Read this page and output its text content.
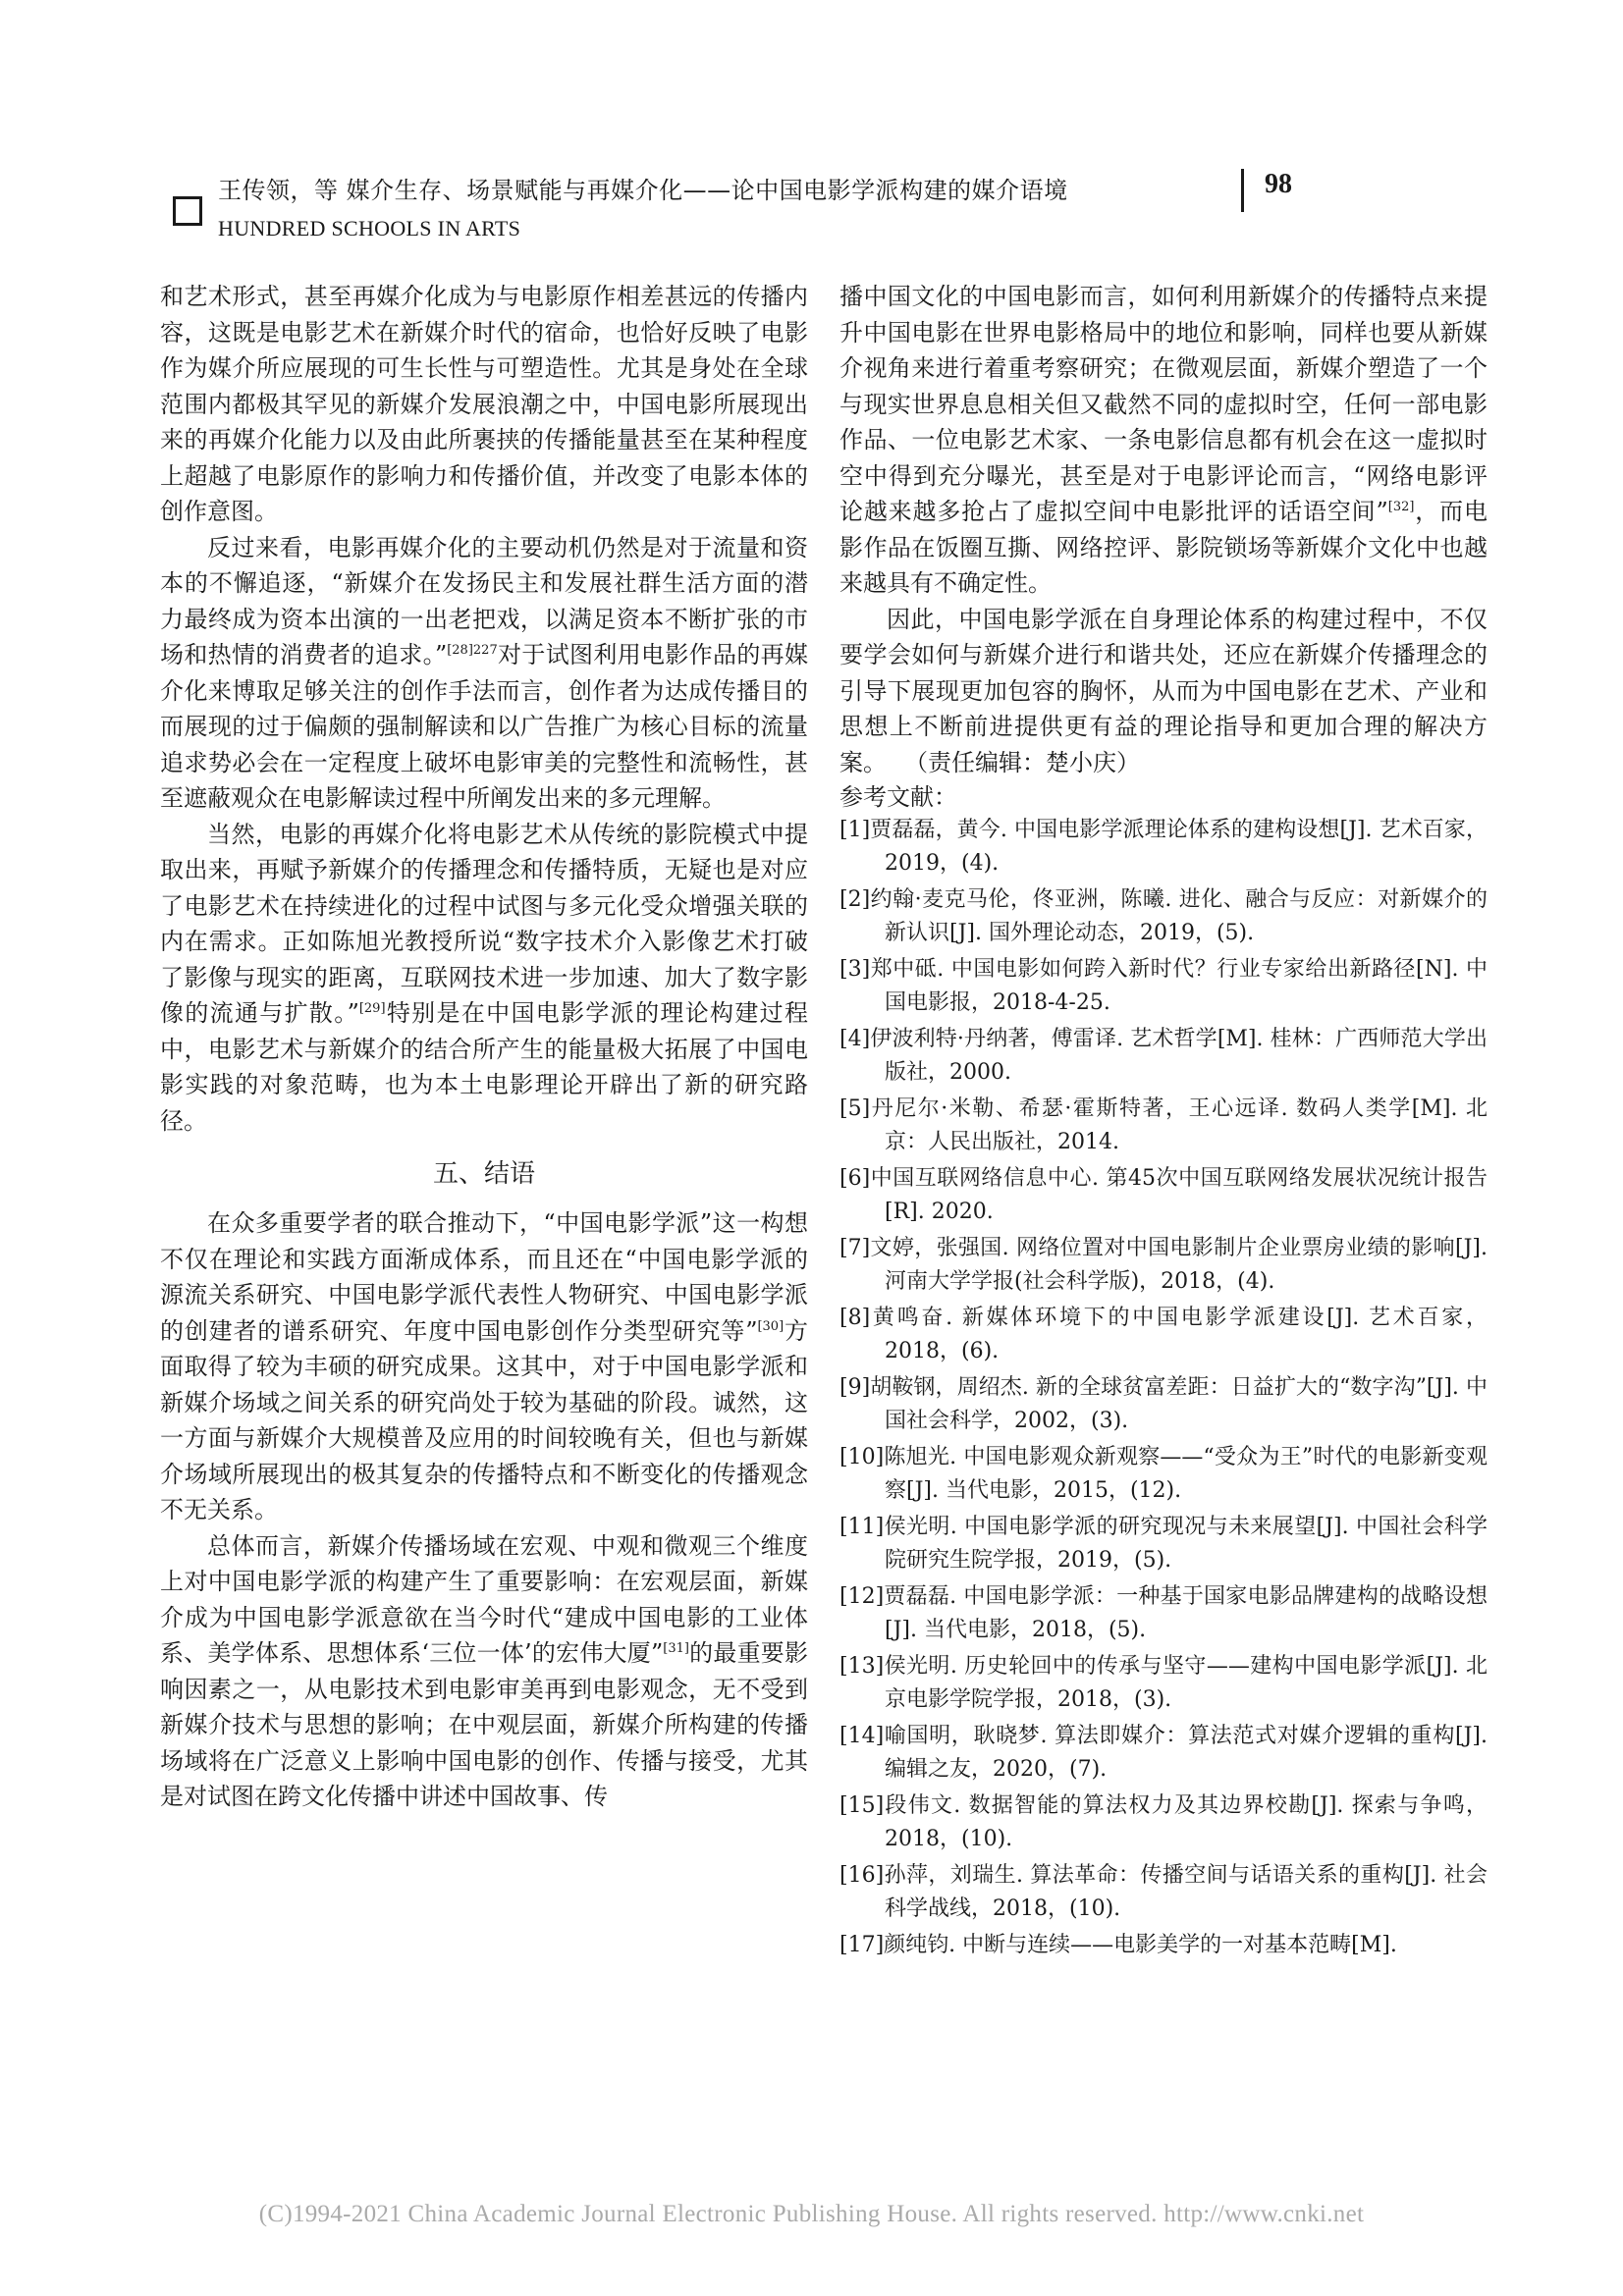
王传领，等 媒介生存、场景赋能与再媒介化——论中国电影学派构建的媒介语境	98
HUNDRED SCHOOLS IN ARTS

和艺术形式，甚至再媒介化成为与电影原作相差甚远的传播内容，这既是电影艺术在新媒介时代的宿命，也恰好反映了电影作为媒介所应展现的可生长性与可塑造性。尤其是身处在全球范围内都极其罕见的新媒介发展浪潮之中，中国电影所展现出来的再媒介化能力以及由此所裹挟的传播能量甚至在某种程度上超越了电影原作的影响力和传播价值，并改变了电影本体的创作意图。

反过来看，电影再媒介化的主要动机仍然是对于流量和资本的不懈追逐，“新媒介在发扬民主和发展社群生活方面的潜力最终成为资本出演的一出老把戏，以满足资本不断扩张的市场和热情的消费者的追求。”$^{[28]227}$对于试图利用电影作品的再媒介化来博取足够关注的创作手法而言，创作者为达成传播目的而展现的过于偏颇的强制解读和以广告推广为核心目标的流量追求势必会在一定程度上破坏电影审美的完整性和流畅性，甚至遮蔽观众在电影解读过程中所阐发出来的多元理解。

当然，电影的再媒介化将电影艺术从传统的影院模式中提取出来，再赋予新媒介的传播理念和传播特质，无疑也是对应了电影艺术在持续进化的过程中试图与多元化受众增强关联的内在需求。正如陈旭光教授所说“数字技术介入影像艺术打破了影像与现实的距离，互联网技术进一步加速、加大了数字影像的流通与扩散。”[29]特别是在中国电影学派的理论构建过程中，电影艺术与新媒介的结合所产生的能量极大拓展了中国电影实践的对象范畴，也为本土电影理论开辟出了新的研究路径。

五、结语

在众多重要学者的联合推动下，“中国电影学派”这一构想不仅在理论和实践方面渐成体系，而且还在“中国电影学派的源流关系研究、中国电影学派代表性人物研究、中国电影学派的创建者的谱系研究、年度中国电影创作分类型研究等”[30]方面取得了较为丰硕的研究成果。这其中，对于中国电影学派和新媒介场域之间关系的研究尚处于较为基础的阶段。诚然，这一方面与新媒介大规模普及应用的时间较晚有关，但也与新媒介场域所展现出的极其复杂的传播特点和不断变化的传播观念不无关系。

总体而言，新媒介传播场域在宏观、中观和微观三个维度上对中国电影学派的构建产生了重要影响：在宏观层面，新媒介成为中国电影学派意欲在当今时代“建成中国电影的工业体系、美学体系、思想体系‘三位一体’的宏伟大厦”[31]的最重要影响因素之一，从电影技术到电影审美再到电影观念，无不受到新媒介技术与思想的影响；在中观层面，新媒介所构建的传播场域将在广泛意义上影响中国电影的创作、传播与接受，尤其是对试图在跨文化传播中讲述中国故事、传

播中国文化的中国电影而言，如何利用新媒介的传播特点来提升中国电影在世界电影格局中的地位和影响，同样也要从新媒介视角来进行着重考察研究；在微观层面，新媒介塑造了一个与现实世界息息相关但又截然不同的虚拟时空，任何一部电影作品、一位电影艺术家、一条电影信息都有机会在这一虚拟时空中得到充分曝光，甚至是对于电影评论而言，“网络电影评论越来越多抢占了虚拟空间中电影批评的话语空间”[32]，而电影作品在饭圈互撕、网络控评、影院锁场等新媒介文化中也越来越具有不确定性。

因此，中国电影学派在自身理论体系的构建过程中，不仅要学会如何与新媒介进行和谐共处，还应在新媒介传播理念的引导下展现更加包容的胸怀，从而为中国电影在艺术、产业和思想上不断前进提供更有益的理论指导和更加合理的解决方案。 （责任编辑：楚小庆）

参考文献：

[1]贾磊磊，黄今. 中国电影学派理论体系的建构设想[J]. 艺术百家，2019，(4).
[2]约翰·麦克马伦，佟亚洲，陈曦. 进化、融合与反应：对新媒介的新认识[J]. 国外理论动态，2019，(5).
[3]郑中砥. 中国电影如何跨入新时代？行业专家给出新路径[N]. 中国电影报，2018-4-25.
[4]伊波利特·丹纳著，傅雷译. 艺术哲学[M]. 桂林：广西师范大学出版社，2000.
[5]丹尼尔·米勒、希瑟·霍斯特著，王心远译. 数码人类学[M]. 北京：人民出版社，2014.
[6]中国互联网络信息中心. 第45次中国互联网络发展状况统计报告[R]. 2020.
[7]文婷，张强国. 网络位置对中国电影制片企业票房业绩的影响[J]. 河南大学学报(社会科学版)，2018，(4).
[8]黄鸣奋. 新媒体环境下的中国电影学派建设[J]. 艺术百家，2018，(6).
[9]胡鞍钢，周绍杰. 新的全球贫富差距：日益扩大的“数字沟”[J]. 中国社会科学，2002，(3).
[10]陈旭光. 中国电影观众新观察——“受众为王”时代的电影新变观察[J]. 当代电影，2015，(12).
[11]侯光明. 中国电影学派的研究现况与未来展望[J]. 中国社会科学院研究生院学报，2019，(5).
[12]贾磊磊. 中国电影学派：一种基于国家电影品牌建构的战略设想[J]. 当代电影，2018，(5).
[13]侯光明. 历史轮回中的传承与坚守——建构中国电影学派[J]. 北京电影学院学报，2018，(3).
[14]喻国明，耿晓梦. 算法即媒介：算法范式对媒介逻辑的重构[J]. 编辑之友，2020，(7).
[15]段伟文. 数据智能的算法权力及其边界校勘[J]. 探索与争鸣，2018，(10).
[16]孙萍，刘瑞生. 算法革命：传播空间与话语关系的重构[J]. 社会科学战线，2018，(10).
[17]颜纯钧. 中断与连续——电影美学的一对基本范畴[M].
(C)1994-2021 China Academic Journal Electronic Publishing House. All rights reserved. http://www.cnki.net
